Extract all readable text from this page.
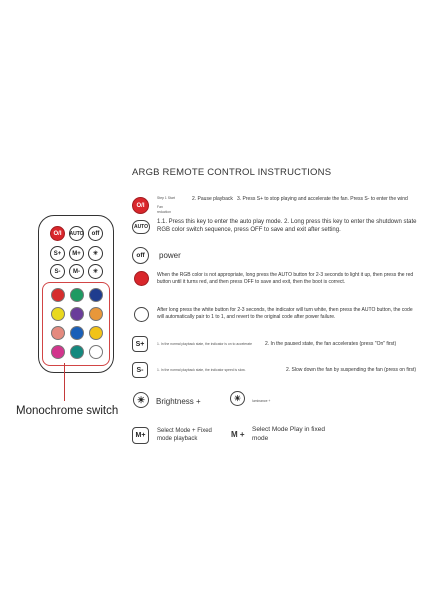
ARGB REMOTE CONTROL INSTRUCTIONS
O/I	AUTO	off
S+	M+	☀
S-	M-	☀
Monochrome switch
O/I
Step 1 Start	2. Pause playback 3. Press S+ to stop playing and accelerate the fan. Press S- to enter the wind
Fan reduction
AUTO
1.1. Press this key to enter the auto play mode. 2. Long press this key to enter the shutdown state RGB color switch sequence, press OFF to save and exit after setting.
off	power
When the RGB color is not appropriate, long press the AUTO button for 2-3 seconds to light it up, then press the red button until it turns red, and then press OFF to save and exit, then the boot is correct.
After long press the white button for 2-3 seconds, the indicator will turn white, then press the AUTO button, the code will automatically pair to 1 to 1, and revert to the original code after power failure.
S+	1. In the normal playback state, the indicator is on to accelerate	2. In the paused state, the fan accelerates (press "On" first)
S-	1. In the normal playback state, the indicator speed is slow.	2. Slow down the fan by suspending the fan (press on first)
☀	Brightness +	☀	luminance +
M+
Select Mode + Fixed mode playback
M +
Select Mode Play in fixed mode
